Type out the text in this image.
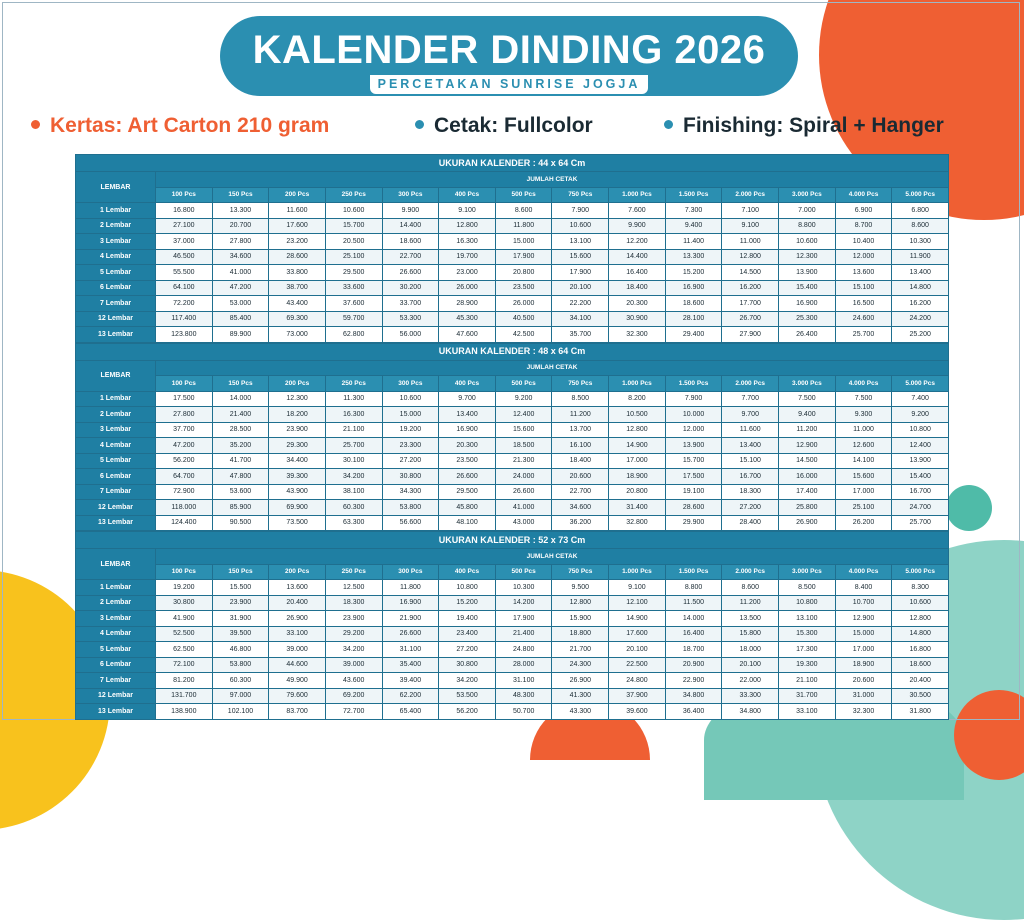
KALENDER DINDING 2026
PERCETAKAN SUNRISE JOGJA
Kertas: Art Carton 210 gram	Cetak: Fullcolor	Finishing: Spiral + Hanger
UKURAN KALENDER : 44 x 64 Cm														
LEMBAR	JUMLAH CETAK													
	100 Pcs	150 Pcs	200 Pcs	250 Pcs	300 Pcs	400 Pcs	500 Pcs	750 Pcs	1.000 Pcs	1.500 Pcs	2.000 Pcs	3.000 Pcs	4.000 Pcs	5.000 Pcs
1 Lembar	16.800	13.300	11.600	10.600	9.900	9.100	8.600	7.900	7.600	7.300	7.100	7.000	6.900	6.800
2 Lembar	27.100	20.700	17.600	15.700	14.400	12.800	11.800	10.600	9.900	9.400	9.100	8.800	8.700	8.600
3 Lembar	37.000	27.800	23.200	20.500	18.600	16.300	15.000	13.100	12.200	11.400	11.000	10.600	10.400	10.300
4 Lembar	46.500	34.600	28.600	25.100	22.700	19.700	17.900	15.600	14.400	13.300	12.800	12.300	12.000	11.900
5 Lembar	55.500	41.000	33.800	29.500	26.600	23.000	20.800	17.900	16.400	15.200	14.500	13.900	13.600	13.400
6 Lembar	64.100	47.200	38.700	33.600	30.200	26.000	23.500	20.100	18.400	16.900	16.200	15.400	15.100	14.800
7 Lembar	72.200	53.000	43.400	37.600	33.700	28.900	26.000	22.200	20.300	18.600	17.700	16.900	16.500	16.200
12 Lembar	117.400	85.400	69.300	59.700	53.300	45.300	40.500	34.100	30.900	28.100	26.700	25.300	24.600	24.200
13 Lembar	123.800	89.900	73.000	62.800	56.000	47.600	42.500	35.700	32.300	29.400	27.900	26.400	25.700	25.200
UKURAN KALENDER : 48 x 64 Cm														
LEMBAR	JUMLAH CETAK													
	100 Pcs	150 Pcs	200 Pcs	250 Pcs	300 Pcs	400 Pcs	500 Pcs	750 Pcs	1.000 Pcs	1.500 Pcs	2.000 Pcs	3.000 Pcs	4.000 Pcs	5.000 Pcs
1 Lembar	17.500	14.000	12.300	11.300	10.600	9.700	9.200	8.500	8.200	7.900	7.700	7.500	7.500	7.400
2 Lembar	27.800	21.400	18.200	16.300	15.000	13.400	12.400	11.200	10.500	10.000	9.700	9.400	9.300	9.200
3 Lembar	37.700	28.500	23.900	21.100	19.200	16.900	15.600	13.700	12.800	12.000	11.600	11.200	11.000	10.800
4 Lembar	47.200	35.200	29.300	25.700	23.300	20.300	18.500	16.100	14.900	13.900	13.400	12.900	12.600	12.400
5 Lembar	56.200	41.700	34.400	30.100	27.200	23.500	21.300	18.400	17.000	15.700	15.100	14.500	14.100	13.900
6 Lembar	64.700	47.800	39.300	34.200	30.800	26.600	24.000	20.600	18.900	17.500	16.700	16.000	15.600	15.400
7 Lembar	72.900	53.600	43.900	38.100	34.300	29.500	26.600	22.700	20.800	19.100	18.300	17.400	17.000	16.700
12 Lembar	118.000	85.900	69.900	60.300	53.800	45.800	41.000	34.600	31.400	28.600	27.200	25.800	25.100	24.700
13 Lembar	124.400	90.500	73.500	63.300	56.600	48.100	43.000	36.200	32.800	29.900	28.400	26.900	26.200	25.700
UKURAN KALENDER : 52 x 73 Cm														
LEMBAR	JUMLAH CETAK													
	100 Pcs	150 Pcs	200 Pcs	250 Pcs	300 Pcs	400 Pcs	500 Pcs	750 Pcs	1.000 Pcs	1.500 Pcs	2.000 Pcs	3.000 Pcs	4.000 Pcs	5.000 Pcs
1 Lembar	19.200	15.500	13.600	12.500	11.800	10.800	10.300	9.500	9.100	8.800	8.600	8.500	8.400	8.300
2 Lembar	30.800	23.900	20.400	18.300	16.900	15.200	14.200	12.800	12.100	11.500	11.200	10.800	10.700	10.600
3 Lembar	41.900	31.900	26.900	23.900	21.900	19.400	17.900	15.900	14.900	14.000	13.500	13.100	12.900	12.800
4 Lembar	52.500	39.500	33.100	29.200	26.600	23.400	21.400	18.800	17.600	16.400	15.800	15.300	15.000	14.800
5 Lembar	62.500	46.800	39.000	34.200	31.100	27.200	24.800	21.700	20.100	18.700	18.000	17.300	17.000	16.800
6 Lembar	72.100	53.800	44.600	39.000	35.400	30.800	28.000	24.300	22.500	20.900	20.100	19.300	18.900	18.600
7 Lembar	81.200	60.300	49.900	43.600	39.400	34.200	31.100	26.900	24.800	22.900	22.000	21.100	20.600	20.400
12 Lembar	131.700	97.000	79.600	69.200	62.200	53.500	48.300	41.300	37.900	34.800	33.300	31.700	31.000	30.500
13 Lembar	138.900	102.100	83.700	72.700	65.400	56.200	50.700	43.300	39.600	36.400	34.800	33.100	32.300	31.800
